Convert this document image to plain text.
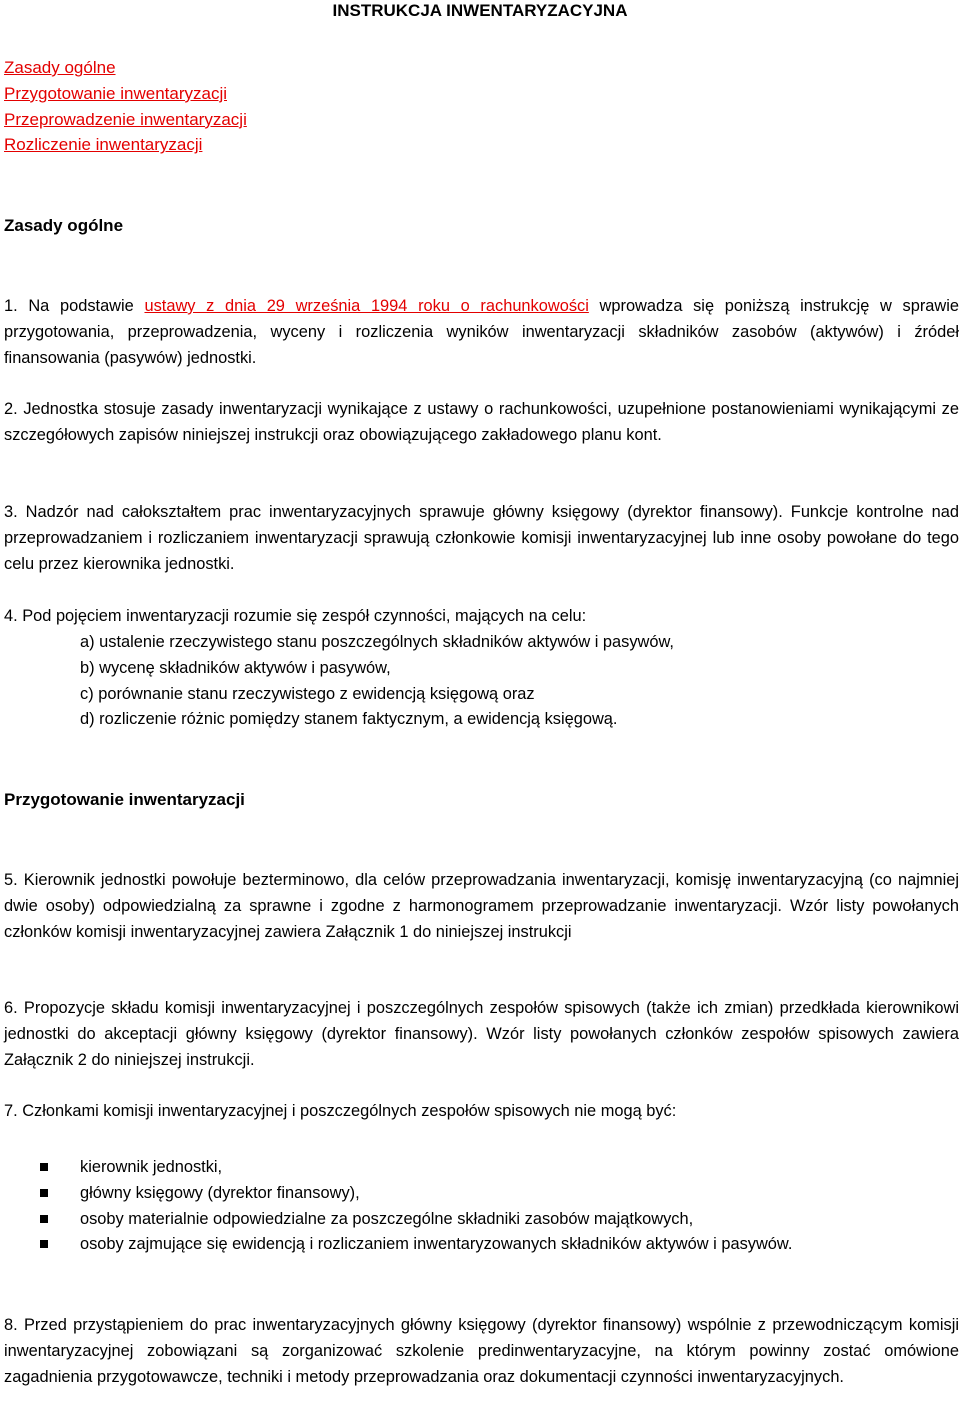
INSTRUKCJA INWENTARYZACYJNA
Zasady ogólne
Przygotowanie inwentaryzacji
Przeprowadzenie inwentaryzacji
Rozliczenie inwentaryzacji
Zasady ogólne
1. Na podstawie ustawy z dnia 29 września 1994 roku o rachunkowości wprowadza się poniższą instrukcję w sprawie przygotowania, przeprowadzenia, wyceny i rozliczenia wyników inwentaryzacji składników zasobów (aktywów) i źródeł finansowania (pasywów) jednostki.
2. Jednostka stosuje zasady inwentaryzacji wynikające z ustawy o rachunkowości, uzupełnione postanowieniami wynikającymi ze szczegółowych zapisów niniejszej instrukcji oraz obowiązującego zakładowego planu kont.
3. Nadzór nad całokształtem prac inwentaryzacyjnych sprawuje główny księgowy (dyrektor finansowy). Funkcje kontrolne nad przeprowadzaniem i rozliczaniem inwentaryzacji sprawują członkowie komisji inwentaryzacyjnej lub inne osoby powołane do tego celu przez kierownika jednostki.
4. Pod pojęciem inwentaryzacji rozumie się zespół czynności, mających na celu:
a) ustalenie rzeczywistego stanu poszczególnych składników aktywów i pasywów,
b) wycenę składników aktywów i pasywów,
c) porównanie stanu rzeczywistego z ewidencją księgową oraz
d) rozliczenie różnic pomiędzy stanem faktycznym, a ewidencją księgową.
Przygotowanie inwentaryzacji
5. Kierownik jednostki powołuje bezterminowo, dla celów przeprowadzania inwentaryzacji, komisję inwentaryzacyjną (co najmniej dwie osoby) odpowiedzialną za sprawne i zgodne z harmonogramem przeprowadzanie inwentaryzacji. Wzór listy powołanych członków komisji inwentaryzacyjnej zawiera Załącznik 1 do niniejszej instrukcji
6. Propozycje składu komisji inwentaryzacyjnej i poszczególnych zespołów spisowych (także ich zmian) przedkłada kierownikowi jednostki do akceptacji główny księgowy (dyrektor finansowy). Wzór listy powołanych członków zespołów spisowych zawiera Załącznik 2 do niniejszej instrukcji.
7. Członkami komisji inwentaryzacyjnej i poszczególnych zespołów spisowych nie mogą być:
kierownik jednostki,
główny księgowy (dyrektor finansowy),
osoby materialnie odpowiedzialne za poszczególne składniki zasobów majątkowych,
osoby zajmujące się ewidencją i rozliczaniem inwentaryzowanych składników aktywów i pasywów.
8. Przed przystąpieniem do prac inwentaryzacyjnych główny księgowy (dyrektor finansowy) wspólnie z przewodniczącym komisji inwentaryzacyjnej zobowiązani są zorganizować szkolenie predinwentaryzacyjne, na którym powinny zostać omówione zagadnienia przygotowawcze, techniki i metody przeprowadzania oraz dokumentacji czynności inwentaryzacyjnych.
